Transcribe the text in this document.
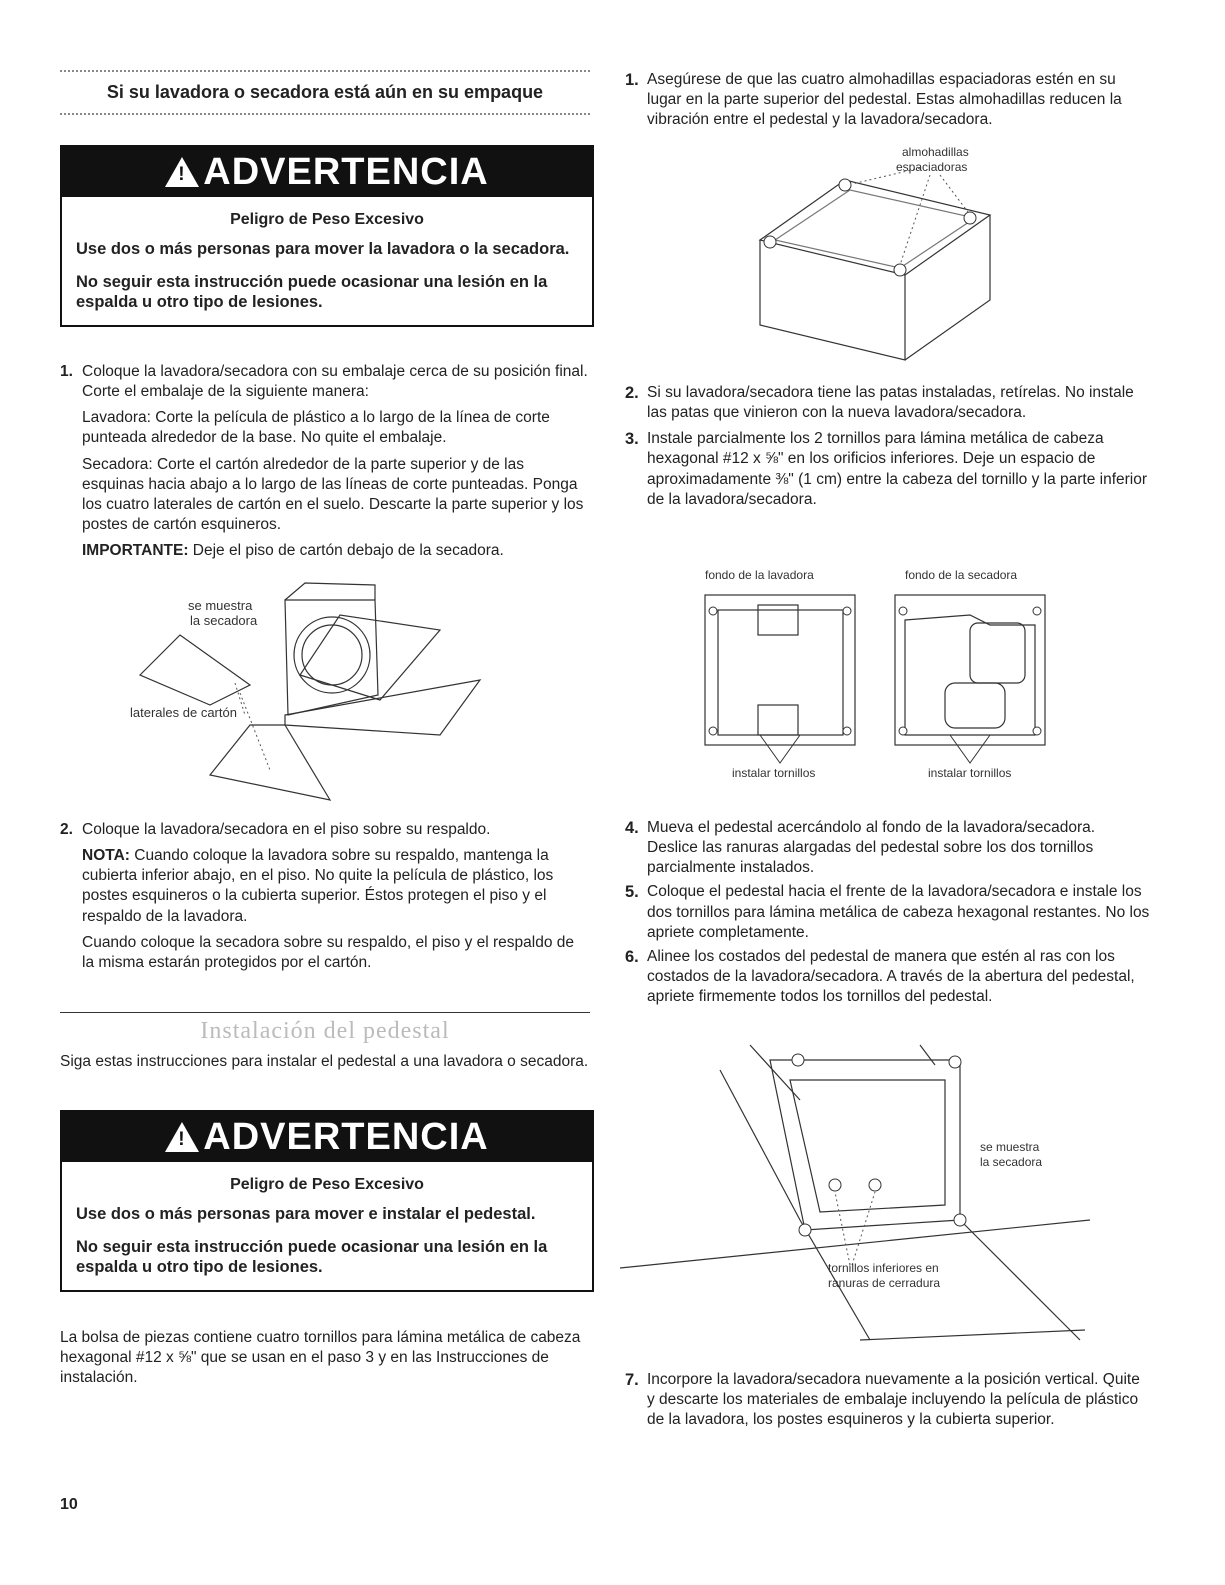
Si su lavadora o secadora está aún en su empaque
! ADVERTENCIA
Peligro de Peso Excesivo
Use dos o más personas para mover la lavadora o la secadora.
No seguir esta instrucción puede ocasionar una lesión en la espalda u otro tipo de lesiones.
1. Coloque la lavadora/secadora con su embalaje cerca de su posición final. Corte el embalaje de la siguiente manera:

Lavadora: Corte la película de plástico a lo largo de la línea de corte punteada alrededor de la base. No quite el embalaje.

Secadora: Corte el cartón alrededor de la parte superior y de las esquinas hacia abajo a lo largo de las líneas de corte punteadas. Ponga los cuatro laterales de cartón en el suelo. Descarte la parte superior y los postes de cartón esquineros.

IMPORTANTE: Deje el piso de cartón debajo de la secadora.

se muestra
la secadora
laterales de cartón
2. Coloque la lavadora/secadora en el piso sobre su respaldo.

NOTA: Cuando coloque la lavadora sobre su respaldo, mantenga la cubierta inferior abajo, en el piso. No quite la película de plástico, los postes esquineros o la cubierta superior. Éstos protegen el piso y el respaldo de la lavadora.

Cuando coloque la secadora sobre su respaldo, el piso y el respaldo de la misma estarán protegidos por el cartón.

Instalación del pedestal

Siga estas instrucciones para instalar el pedestal a una lavadora o secadora.

! ADVERTENCIA
Peligro de Peso Excesivo
Use dos o más personas para mover e instalar el pedestal.
No seguir esta instrucción puede ocasionar una lesión en la espalda u otro tipo de lesiones.

La bolsa de piezas contiene cuatro tornillos para lámina metálica de cabeza hexagonal #12 x ⅝" que se usan en el paso 3 y en las Instrucciones de instalación.

1. Asegúrese de que las cuatro almohadillas espaciadoras estén en su lugar en la parte superior del pedestal. Estas almohadillas reducen la vibración entre el pedestal y la lavadora/secadora.

almohadillas
espaciadoras
2. Si su lavadora/secadora tiene las patas instaladas, retírelas. No instale las patas que vinieron con la nueva lavadora/secadora.

3. Instale parcialmente los 2 tornillos para lámina metálica de cabeza hexagonal #12 x ⅝" en los orificios inferiores. Deje un espacio de aproximadamente ⅜" (1 cm) entre la cabeza del tornillo y la parte inferior de la lavadora/secadora.

fondo de la lavadora	fondo de la secadora
instalar tornillos	instalar tornillos
4. Mueva el pedestal acercándolo al fondo de la lavadora/secadora. Deslice las ranuras alargadas del pedestal sobre los dos tornillos parcialmente instalados.

5. Coloque el pedestal hacia el frente de la lavadora/secadora e instale los dos tornillos para lámina metálica de cabeza hexagonal restantes. No los apriete completamente.

6. Alinee los costados del pedestal de manera que estén al ras con los costados de la lavadora/secadora. A través de la abertura del pedestal, apriete firmemente todos los tornillos del pedestal.

se muestra
la secadora
tornillos inferiores en
ranuras de cerradura
7. Incorpore la lavadora/secadora nuevamente a la posición vertical. Quite y descarte los materiales de embalaje incluyendo la película de plástico de la lavadora, los postes esquineros y la cubierta superior.

10
